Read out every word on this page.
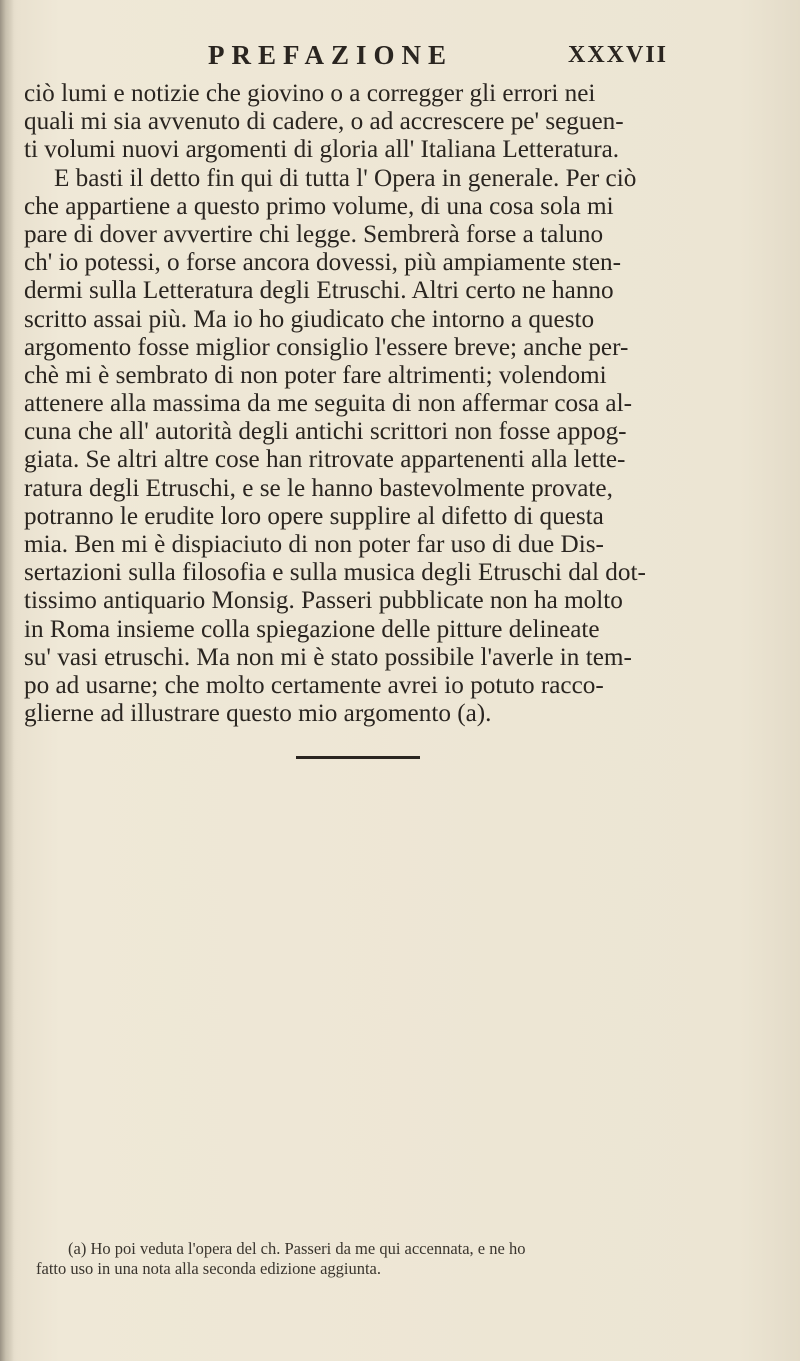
PREFAZIONE	XXXVII
ciò lumi e notizie che giovino o a corregger gli errori nei
quali mi sia avvenuto di cadere, o ad accrescere pe' seguen-
ti volumi nuovi argomenti di gloria all' Italiana Letteratura.
E basti il detto fin qui di tutta l' Opera in generale. Per ciò
che appartiene a questo primo volume, di una cosa sola mi
pare di dover avvertire chi legge. Sembrerà forse a taluno
ch' io potessi, o forse ancora dovessi, più ampiamente sten-
dermi sulla Letteratura degli Etruschi. Altri certo ne hanno
scritto assai più. Ma io ho giudicato che intorno a questo
argomento fosse miglior consiglio l'essere breve; anche per-
chè mi è sembrato di non poter fare altrimenti; volendomi
attenere alla massima da me seguita di non affermar cosa al-
cuna che all' autorità degli antichi scrittori non fosse appog-
giata. Se altri altre cose han ritrovate appartenenti alla lette-
ratura degli Etruschi, e se le hanno bastevolmente provate,
potranno le erudite loro opere supplire al difetto di questa
mia. Ben mi è dispiaciuto di non poter far uso di due Dis-
sertazioni sulla filosofia e sulla musica degli Etruschi dal dot-
tissimo antiquario Monsig. Passeri pubblicate non ha molto
in Roma insieme colla spiegazione delle pitture delineate
su' vasi etruschi. Ma non mi è stato possibile l'averle in tem-
po ad usarne; che molto certamente avrei io potuto racco-
glierne ad illustrare questo mio argomento (a).
(a) Ho poi veduta l'opera del ch. Passeri da me qui accennata, e ne ho
fatto uso in una nota alla seconda edizione aggiunta.
